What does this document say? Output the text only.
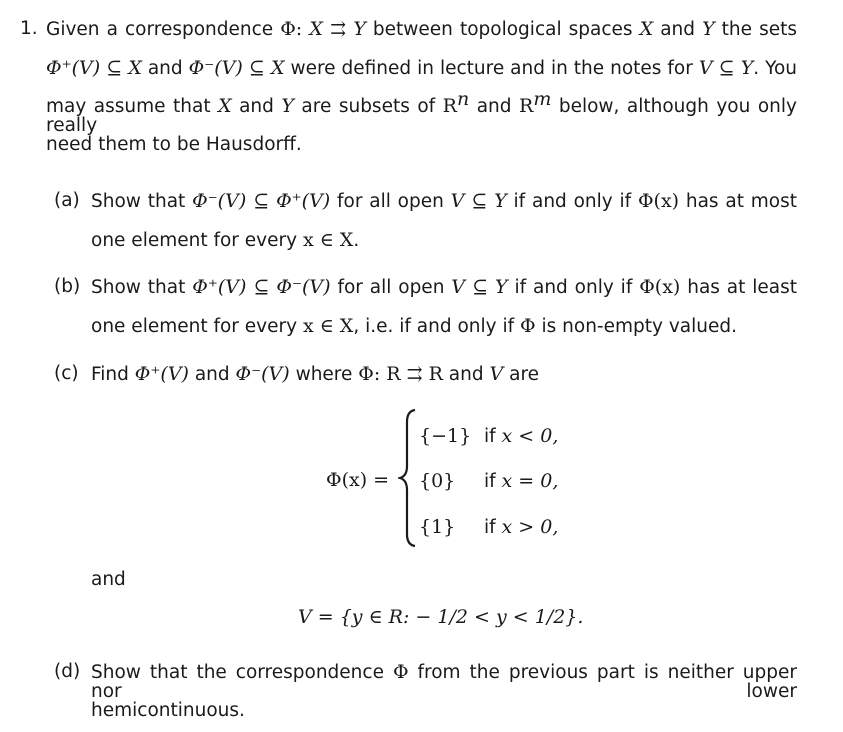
1. Given a correspondence Φ: X ⇉ Y between topological spaces X and Y the sets
Φ⁺(V) ⊆ X and Φ⁻(V) ⊆ X were defined in lecture and in the notes for V ⊆ Y. You
may assume that X and Y are subsets of $R^n$ and $R^m$ below, although you only really
need them to be Hausdorff.
(a) Show that Φ⁻(V) ⊆ Φ⁺(V) for all open V ⊆ Y if and only if Φ(x) has at most
one element for every x ∈ X.
(b) Show that Φ⁺(V) ⊆ Φ⁻(V) for all open V ⊆ Y if and only if Φ(x) has at least
one element for every x ∈ X, i.e. if and only if Φ is non-empty valued.
(c) Find Φ⁺(V) and Φ⁻(V) where Φ: R ⇉ R and V are
Φ(x) =
{−1} if x < 0,
{0} if x = 0,
{1} if x > 0,
and
V = {y ∈ R: − 1/2 < y < 1/2}.
(d) Show that the correspondence Φ from the previous part is neither upper nor lower
hemicontinuous.
